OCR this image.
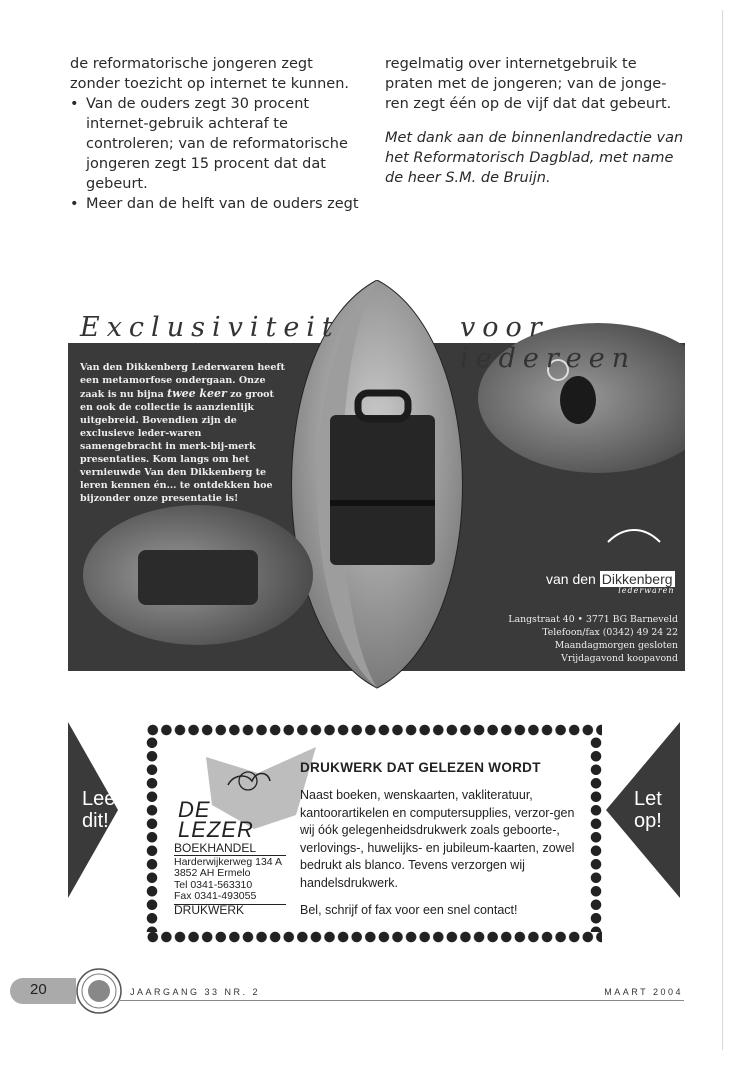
de reformatorische jongeren zegt

zonder toezicht op internet te kunnen.

• Van de ouders zegt 30 procent internet-gebruik achteraf te controleren; van de reformatorische jongeren zegt 15 procent dat dat gebeurt.
• Meer dan de helft van de ouders zegt

regelmatig over internetgebruik te praten met de jongeren; van de jonge-ren zegt één op de vijf dat dat gebeurt.

Met dank aan de binnenlandredactie van het Reformatorisch Dagblad, met name de heer S.M. de Bruijn.

Exclusiviteit	voor iedereen
Van den Dikkenberg Lederwaren heeft een metamorfose ondergaan. Onze zaak is nu bijna twee keer zo groot en ook de collectie is aanzienlijk uitgebreid. Bovendien zijn de exclusieve leder-waren samengebracht in merk-bij-merk presentaties. Kom langs om het vernieuwde Van den Dikkenberg te leren kennen én... te ontdekken hoe bijzonder onze presentatie is!
van den Dikkenberg
lederwaren
Langstraat 40 • 3771 BG Barneveld
Telefoon/fax (0342) 49 24 22
Maandagmorgen gesloten
Vrijdagavond koopavond
Lees
dit!
Let
op!
DE
LEZER
BOEKHANDEL
Harderwijkerweg 134 A
3852 AH Ermelo
Tel 0341-563310
Fax 0341-493055
DRUKWERK
DRUKWERK DAT GELEZEN WORDT
Naast boeken, wenskaarten, vakliteratuur, kantoorartikelen en computersupplies, verzor-gen wij óók gelegenheidsdrukwerk zoals geboorte-, verlovings-, huwelijks- en jubileum-kaarten, zowel bedrukt als blanco. Tevens verzorgen wij handelsdrukwerk.
Bel, schrijf of fax voor een snel contact!
20	JAARGANG 33 NR. 2	MAART 2004
